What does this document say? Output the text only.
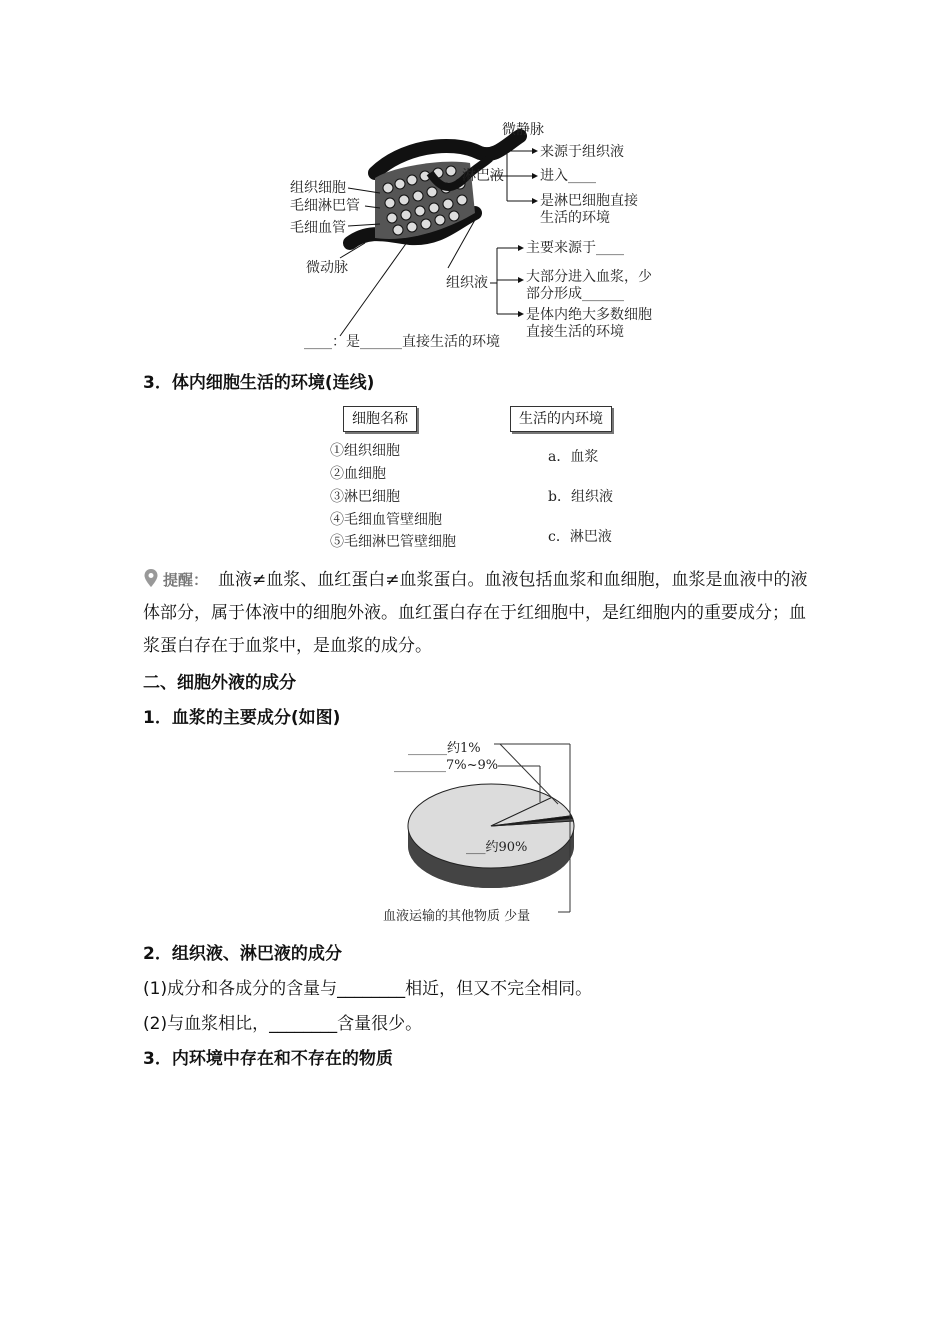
微静脉
组织细胞
毛细淋巴管
毛细血管
微动脉
淋巴液
来源于组织液
进入____
是淋巴细胞直接
生活的环境
组织液
主要来源于____
大部分进入血浆，少
部分形成______
是体内绝大多数细胞
直接生活的环境
____：是______直接生活的环境
3．体内细胞生活的环境(连线)
细胞名称	生活的内环境
①组织细胞
②血细胞
③淋巴细胞
④毛细血管壁细胞
⑤毛细淋巴管壁细胞
a．血浆
b．组织液
c．淋巴液
提醒： 血液≠血浆、血红蛋白≠血浆蛋白。血液包括血浆和血细胞，血浆是血液中的液体部分，属于体液中的细胞外液。血红蛋白存在于红细胞中，是红细胞内的重要成分；血浆蛋白存在于血浆中，是血浆的成分。
二、细胞外液的成分
1．血浆的主要成分(如图)
______约1%
________7%~9%
___约90%
血液运输的其他物质 少量
2．组织液、淋巴液的成分
(1)成分和各成分的含量与________相近，但又不完全相同。
(2)与血浆相比，________含量很少。
3．内环境中存在和不存在的物质
